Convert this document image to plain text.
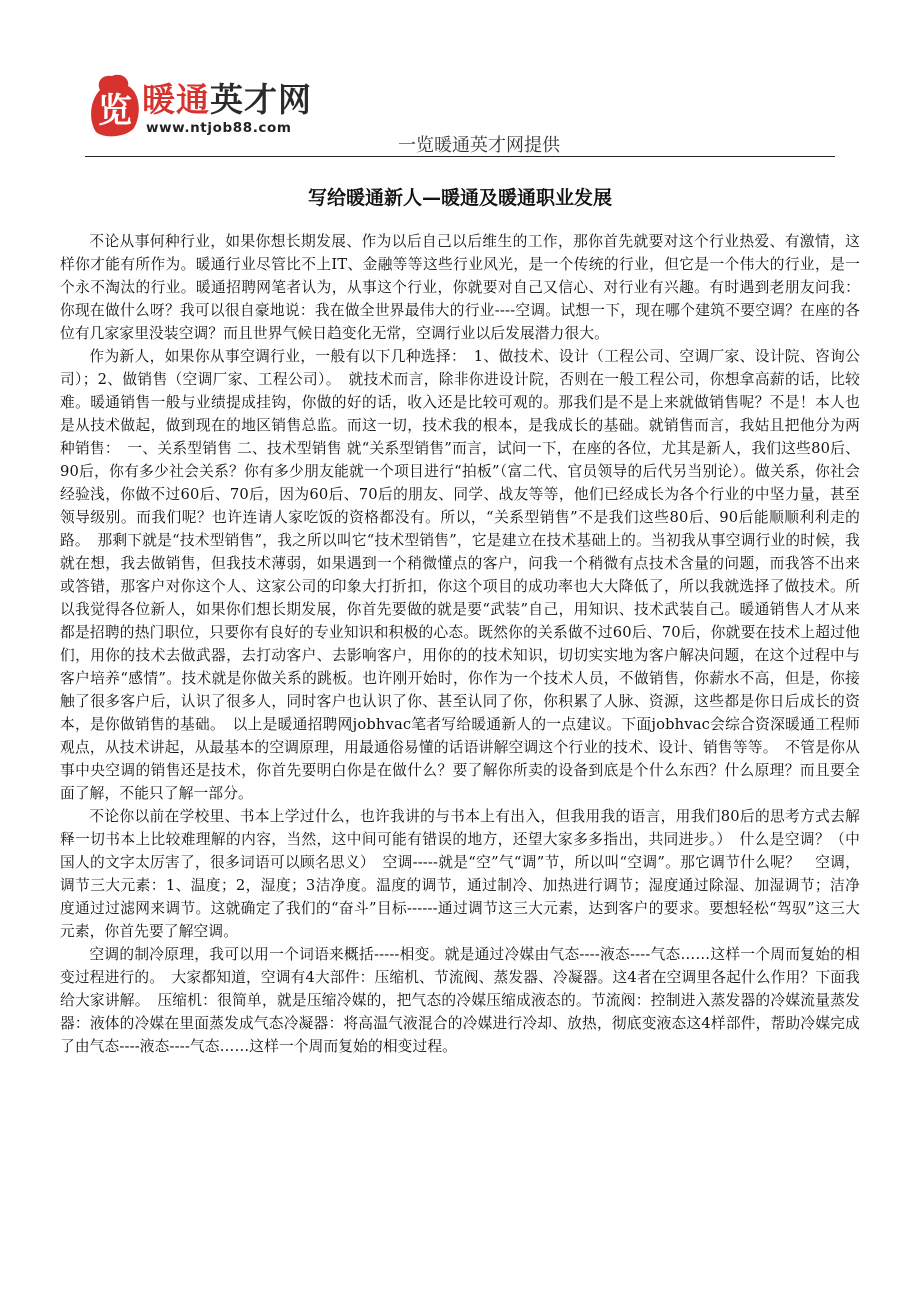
览 暖通英才网
www.ntjob88.com
一览暖通英才网提供
写给暖通新人—暖通及暖通职业发展

不论从事何种行业，如果你想长期发展、作为以后自己以后维生的工作，那你首先就要对这个行业热爱、有激情，这样你才能有所作为。暖通行业尽管比不上IT、金融等等这些行业风光，是一个传统的行业，但它是一个伟大的行业，是一个永不淘汰的行业。暖通招聘网笔者认为，从事这个行业，你就要对自己又信心、对行业有兴趣。有时遇到老朋友问我：你现在做什么呀？我可以很自豪地说：我在做全世界最伟大的行业----空调。试想一下，现在哪个建筑不要空调？在座的各位有几家家里没装空调？而且世界气候日趋变化无常，空调行业以后发展潜力很大。

作为新人，如果你从事空调行业，一般有以下几种选择：　1、做技术、设计（工程公司、空调厂家、设计院、咨询公司）；2、做销售（空调厂家、工程公司）。　就技术而言，除非你进设计院，否则在一般工程公司，你想拿高薪的话，比较难。暖通销售一般与业绩提成挂钩，你做的好的话，收入还是比较可观的。那我们是不是上来就做销售呢？不是！本人也是从技术做起，做到现在的地区销售总监。而这一切，技术我的根本，是我成长的基础。就销售而言，我姑且把他分为两种销售：　一、关系型销售 二、技术型销售 就“关系型销售”而言，试问一下，在座的各位，尤其是新人，我们这些80后、90后，你有多少社会关系？你有多少朋友能就一个项目进行“拍板”（富二代、官员领导的后代另当别论）。做关系，你社会经验浅，你做不过60后、70后，因为60后、70后的朋友、同学、战友等等，他们已经成长为各个行业的中坚力量，甚至领导级别。而我们呢？也许连请人家吃饭的资格都没有。所以，“关系型销售”不是我们这些80后、90后能顺顺利利走的路。　那剩下就是“技术型销售”，我之所以叫它“技术型销售”，它是建立在技术基础上的。当初我从事空调行业的时候，我就在想，我去做销售，但我技术薄弱，如果遇到一个稍微懂点的客户，问我一个稍微有点技术含量的问题，而我答不出来或答错，那客户对你这个人、这家公司的印象大打折扣，你这个项目的成功率也大大降低了，所以我就选择了做技术。所以我觉得各位新人，如果你们想长期发展，你首先要做的就是要“武装”自己，用知识、技术武装自己。暖通销售人才从来都是招聘的热门职位，只要你有良好的专业知识和积极的心态。既然你的关系做不过60后、70后，你就要在技术上超过他们，用你的技术去做武器，去打动客户、去影响客户，用你的的技术知识，切切实实地为客户解决问题，在这个过程中与客户培养“感情”。技术就是你做关系的跳板。也许刚开始时，你作为一个技术人员，不做销售，你薪水不高，但是，你接触了很多客户后，认识了很多人，同时客户也认识了你、甚至认同了你，你积累了人脉、资源，这些都是你日后成长的资本，是你做销售的基础。　以上是暖通招聘网jobhvac笔者写给暖通新人的一点建议。下面jobhvac会综合资深暖通工程师观点，从技术讲起，从最基本的空调原理，用最通俗易懂的话语讲解空调这个行业的技术、设计、销售等等。　不管是你从事中央空调的销售还是技术，你首先要明白你是在做什么？要了解你所卖的设备到底是个什么东西？什么原理？而且要全面了解，不能只了解一部分。

不论你以前在学校里、书本上学过什么，也许我讲的与书本上有出入，但我用我的语言，用我们80后的思考方式去解释一切书本上比较难理解的内容，当然，这中间可能有错误的地方，还望大家多多指出，共同进步。）　什么是空调？（中国人的文字太厉害了，很多词语可以顾名思义）　空调-----就是“空”气“调”节，所以叫“空调”。那它调节什么呢？　空调，调节三大元素：1、温度；2，湿度；3洁净度。温度的调节，通过制冷、加热进行调节；湿度通过除湿、加湿调节；洁净度通过过滤网来调节。这就确定了我们的“奋斗”目标------通过调节这三大元素，达到客户的要求。要想轻松“驾驭”这三大元素，你首先要了解空调。

空调的制冷原理，我可以用一个词语来概括-----相变。就是通过冷媒由气态----液态----气态……这样一个周而复始的相变过程进行的。　大家都知道，空调有4大部件：压缩机、节流阀、蒸发器、冷凝器。这4者在空调里各起什么作用？下面我给大家讲解。　压缩机：很简单，就是压缩冷媒的，把气态的冷媒压缩成液态的。节流阀：控制进入蒸发器的冷媒流量蒸发器：液体的冷媒在里面蒸发成气态冷凝器：将高温气液混合的冷媒进行冷却、放热，彻底变液态这4样部件，帮助冷媒完成了由气态----液态----气态……这样一个周而复始的相变过程。
